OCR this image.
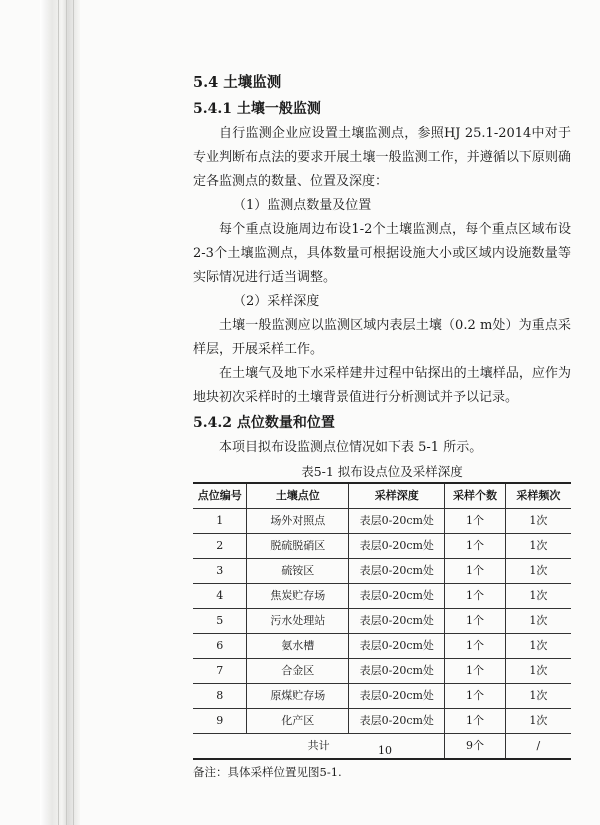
5.4 土壤监测
5.4.1 土壤一般监测

自行监测企业应设置土壤监测点，参照HJ 25.1-2014中对于专业判断布点法的要求开展土壤一般监测工作，并遵循以下原则确定各监测点的数量、位置及深度：

（1）监测点数量及位置

每个重点设施周边布设1-2个土壤监测点，每个重点区域布设2-3个土壤监测点，具体数量可根据设施大小或区域内设施数量等实际情况进行适当调整。

（2）采样深度

土壤一般监测应以监测区域内表层土壤（0.2 m处）为重点采样层，开展采样工作。

在土壤气及地下水采样建井过程中钻探出的土壤样品，应作为地块初次采样时的土壤背景值进行分析测试并予以记录。

5.4.2 点位数量和位置

本项目拟布设监测点位情况如下表 5-1 所示。

表5-1 拟布设点位及采样深度
点位编号	土壤点位	采样深度	采样个数	采样频次
1	场外对照点	表层0-20cm处	1个	1次
2	脱硫脱硝区	表层0-20cm处	1个	1次
3	硫铵区	表层0-20cm处	1个	1次
4	焦炭贮存场	表层0-20cm处	1个	1次
5	污水处理站	表层0-20cm处	1个	1次
6	氨水槽	表层0-20cm处	1个	1次
7	合金区	表层0-20cm处	1个	1次
8	原煤贮存场	表层0-20cm处	1个	1次
9	化产区	表层0-20cm处	1个	1次
共计			9个	/
备注：具体采样位置见图5-1.
10
